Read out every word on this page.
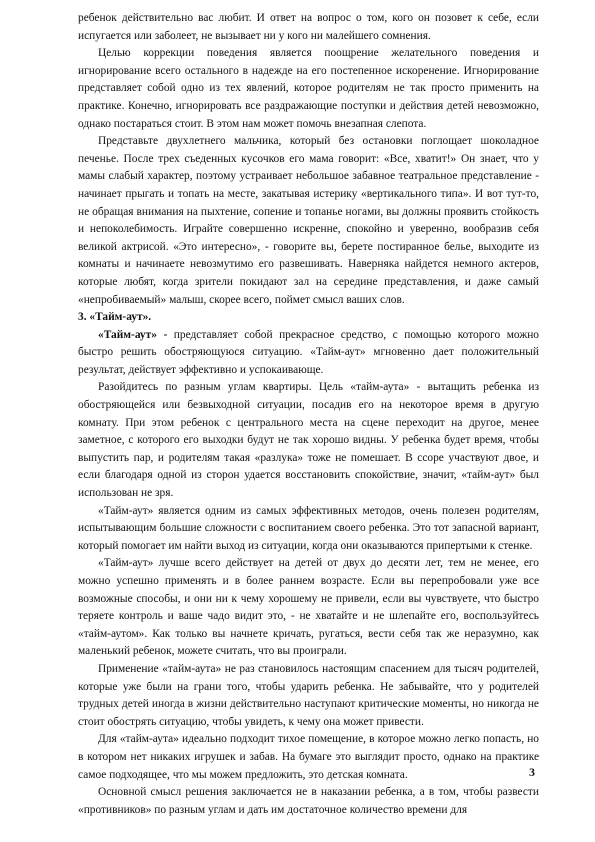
ребенок действительно вас любит. И ответ на вопрос о том, кого он позовет к себе, если испугается или заболеет, не вызывает ни у кого ни малейшего сомнения.

Целью коррекции поведения является поощрение желательного поведения и игнорирование всего остального в надежде на его постепенное искоренение. Игнорирование представляет собой одно из тех явлений, которое родителям не так просто применить на практике. Конечно, игнорировать все раздражающие поступки и действия детей невозможно, однако постараться стоит. В этом нам может помочь внезапная слепота.

Представьте двухлетнего мальчика, который без остановки поглощает шоколадное печенье. После трех съеденных кусочков его мама говорит: «Все, хватит!» Он знает, что у мамы слабый характер, поэтому устраивает небольшое забавное театральное представление - начинает прыгать и топать на месте, закатывая истерику «вертикального типа». И вот тут-то, не обращая внимания на пыхтение, сопение и топанье ногами, вы должны проявить стойкость и непоколебимость. Играйте совершенно искренне, спокойно и уверенно, вообразив себя великой актрисой. «Это интересно», - говорите вы, берете постиранное белье, выходите из комнаты и начинаете невозмутимо его развешивать. Наверняка найдется немного актеров, которые любят, когда зрители покидают зал на середине представления, и даже самый «непробиваемый» малыш, скорее всего, поймет смысл ваших слов.

3. «Тайм-аут».

«Тайм-аут» - представляет собой прекрасное средство, с помощью которого можно быстро решить обостряющуюся ситуацию. «Тайм-аут» мгновенно дает положительный результат, действует эффективно и успокаивающе.

Разойдитесь по разным углам квартиры. Цель «тайм-аута» - вытащить ребенка из обостряющейся или безвыходной ситуации, посадив его на некоторое время в другую комнату. При этом ребенок с центрального места на сцене переходит на другое, менее заметное, с которого его выходки будут не так хорошо видны. У ребенка будет время, чтобы выпустить пар, и родителям такая «разлука» тоже не помешает. В ссоре участвуют двое, и если благодаря одной из сторон удается восстановить спокойствие, значит, «тайм-аут» был использован не зря.

«Тайм-аут» является одним из самых эффективных методов, очень полезен родителям, испытывающим большие сложности с воспитанием своего ребенка. Это тот запасной вариант, который помогает им найти выход из ситуации, когда они оказываются припертыми к стенке.

«Тайм-аут» лучше всего действует на детей от двух до десяти лет, тем не менее, его можно успешно применять и в более раннем возрасте. Если вы перепробовали уже все возможные способы, и они ни к чему хорошему не привели, если вы чувствуете, что быстро теряете контроль и ваше чадо видит это, - не хватайте и не шлепайте его, воспользуйтесь «тайм-аутом». Как только вы начнете кричать, ругаться, вести себя так же неразумно, как маленький ребенок, можете считать, что вы проиграли.

Применение «тайм-аута» не раз становилось настоящим спасением для тысяч родителей, которые уже были на грани того, чтобы ударить ребенка. Не забывайте, что у родителей трудных детей иногда в жизни действительно наступают критические моменты, но никогда не стоит обострять ситуацию, чтобы увидеть, к чему она может привести.

Для «тайм-аута» идеально подходит тихое помещение, в которое можно легко попасть, но в котором нет никаких игрушек и забав. На бумаге это выглядит просто, однако на практике самое подходящее, что мы можем предложить, это детская комната.

Основной смысл решения заключается не в наказании ребенка, а в том, чтобы развести «противников» по разным углам и дать им достаточное количество времени для

3
